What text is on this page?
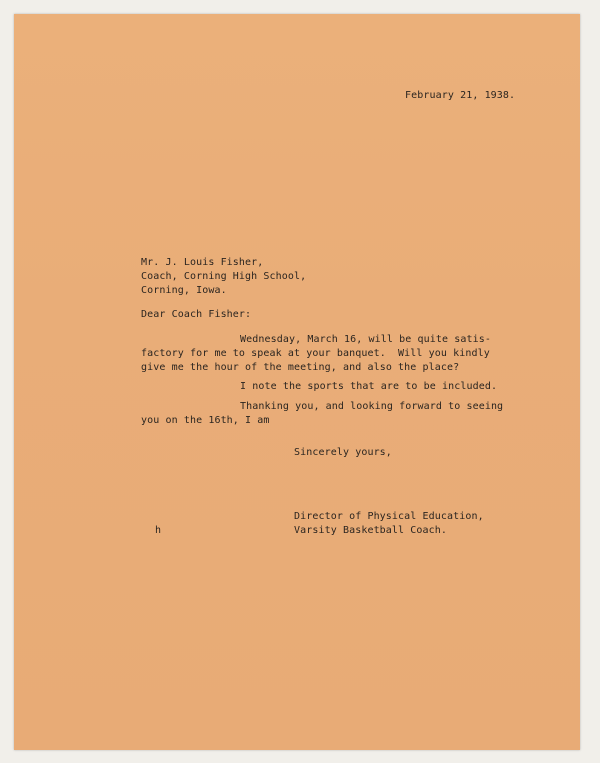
February 21, 1938.
Mr. J. Louis Fisher,
Coach, Corning High School,
Corning, Iowa.
Dear Coach Fisher:
Wednesday, March 16, will be quite satis-
factory for me to speak at your banquet.  Will you kindly
give me the hour of the meeting, and also the place?
I note the sports that are to be included.
Thanking you, and looking forward to seeing
you on the 16th, I am
Sincerely yours,
Director of Physical Education,
Varsity Basketball Coach.
h
